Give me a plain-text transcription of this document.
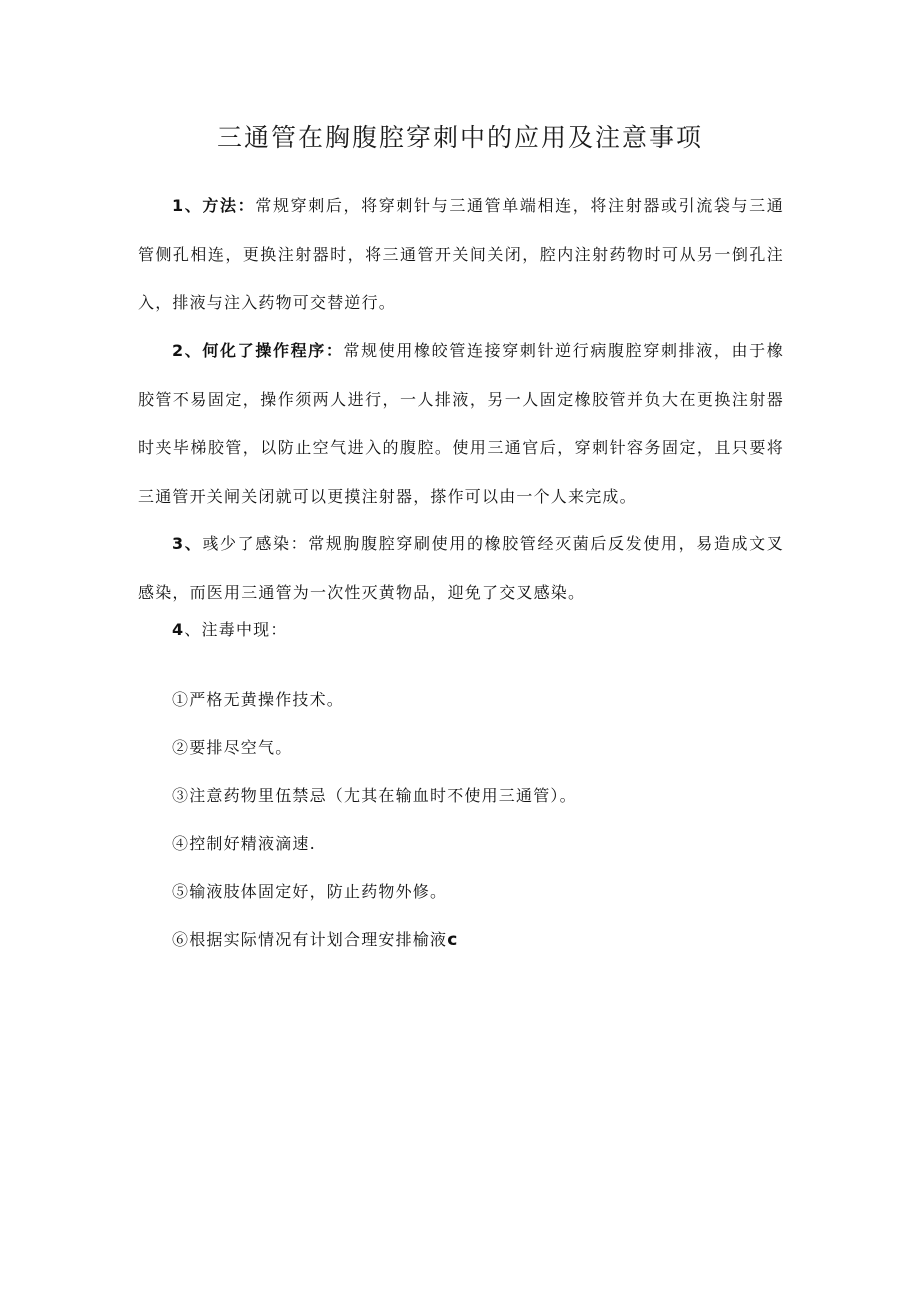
三通管在胸腹腔穿刺中的应用及注意事项

1、方法：常规穿刺后，将穿刺针与三通管单端相连，将注射器或引流袋与三通管侧孔相连，更换注射器时，将三通管开关间关闭，腔内注射药物时可从另一倒孔注入，排液与注入药物可交替逆行。

2、何化了操作程序：常规使用橡皎管连接穿刺针逆行病腹腔穿刺排液，由于橡胶管不易固定，操作须两人进行，一人排液，另一人固定橡胶管并负大在更换注射器时夹毕梯胶管，以防止空气进入的腹腔。使用三通官后，穿刺针容务固定，且只要将三通管开关闸关闭就可以更摸注射器，搽作可以由一个人来完成。

3、彧少了感染：常规朐腹腔穿刷使用的橡胶管经灭菌后反发使用，易造成文叉感染，而医用三通管为一次性灭黄物品，迎免了交叉感染。

4、注毒中现：
①严格无黄操作技术。
②要排尽空气。
③注意药物里伍禁忌（尢其在输血时不使用三通管）。
④控制好精液滴速.
⑤输液肢体固定好，防止药物外修。
⑥根据实际情况有计划合理安排榆液c
